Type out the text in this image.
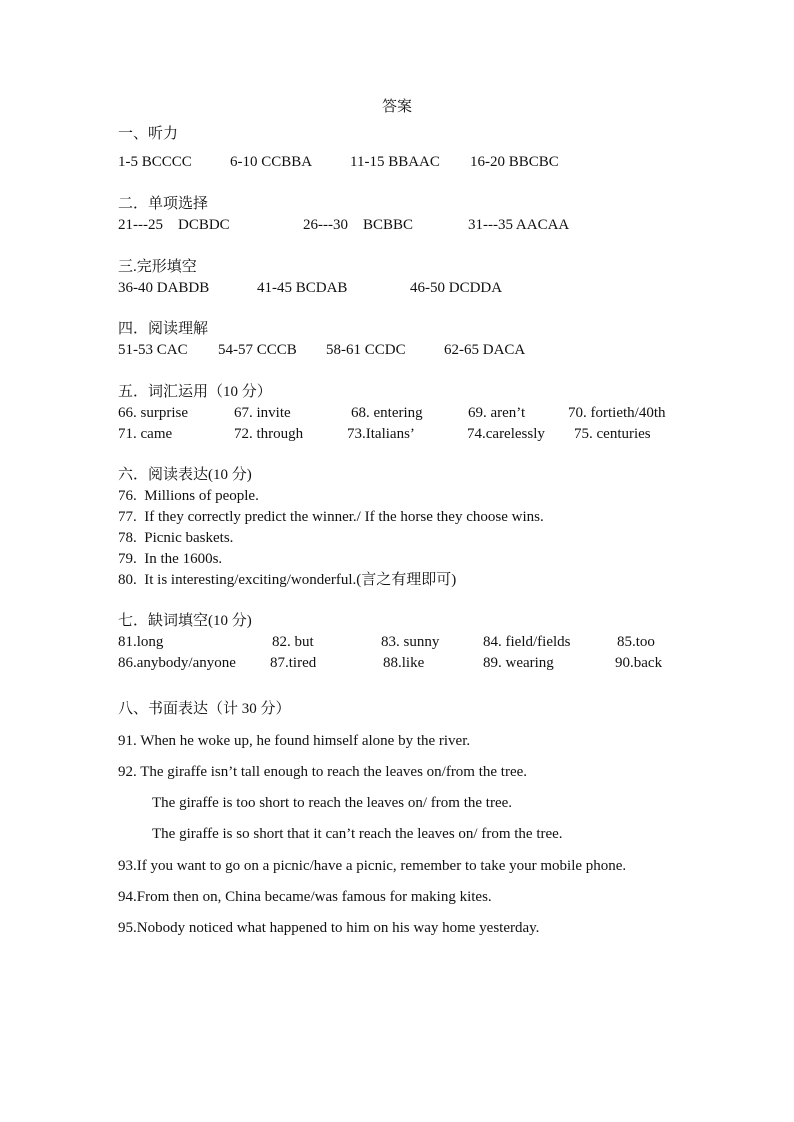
答案
一、听力
1-5 BCCCC	6-10 CCBBA	11-15 BBAAC 16-20 BBCBC
二．单项选择
21---25    DCBDC	26---30    BCBBC	31---35 AACAA
三.完形填空
36-40 DABDB	41-45 BCDAB	46-50 DCDDA
四．阅读理解
51-53 CAC 54-57 CCCB 58-61 CCDC	62-65 DACA
五．词汇运用（10 分）
66. surprise	67. invite	68. entering	69. aren’t	70. fortieth/40th
71. came	72. through	73.Italians’	74.carelessly 75. centuries
六．阅读表达(10 分)
76.  Millions of people.
77.  If they correctly predict the winner./ If the horse they choose wins.
78.  Picnic baskets.
79.  In the 1600s.
80.  It is interesting/exciting/wonderful.(言之有理即可)
七．缺词填空(10 分)
81.long	82. but	83. sunny	84. field/fields	85.too
86.anybody/anyone 87.tired	88.like	89. wearing	90.back
八、书面表达（计 30 分）
91. When he woke up, he found himself alone by the river.
92. The giraffe isn’t tall enough to reach the leaves on/from the tree.
The giraffe is too short to reach the leaves on/ from the tree.
The giraffe is so short that it can’t reach the leaves on/ from the tree.
93.If you want to go on a picnic/have a picnic, remember to take your mobile phone.
94.From then on, China became/was famous for making kites.
95.Nobody noticed what happened to him on his way home yesterday.
